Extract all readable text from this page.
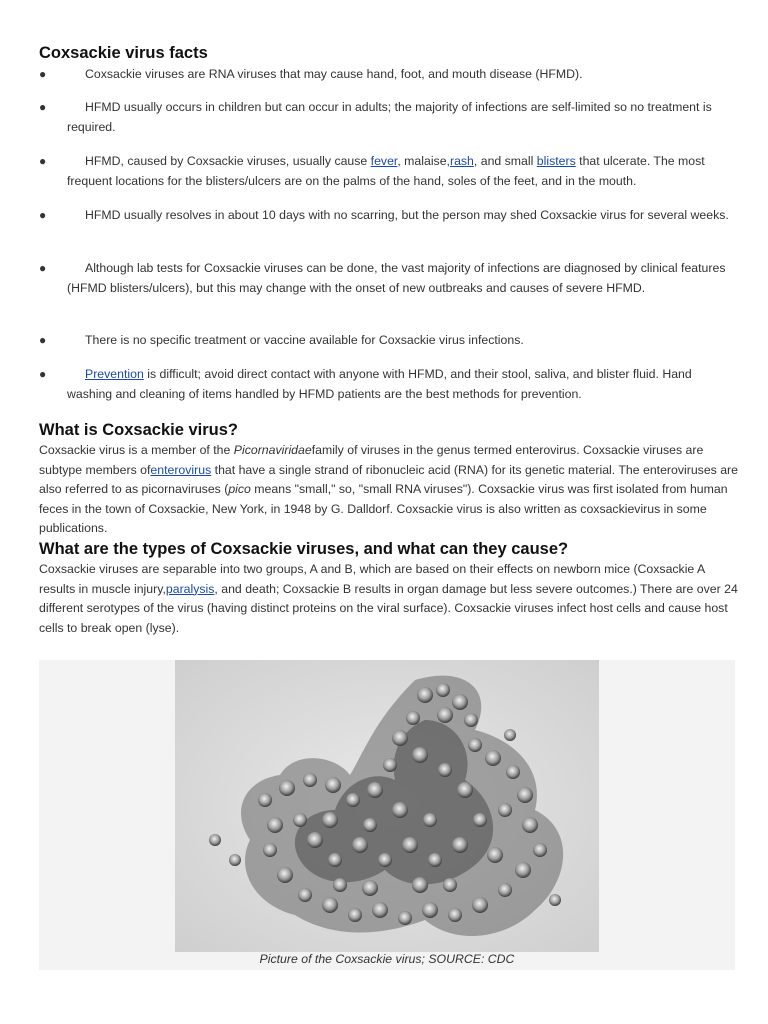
Coxsackie virus facts
●	Coxsackie viruses are RNA viruses that may cause hand, foot, and mouth disease (HFMD).
●	HFMD usually occurs in children but can occur in adults; the majority of infections are self-limited so no treatment is required.
●	HFMD, caused by Coxsackie viruses, usually cause fever, malaise,rash, and small blisters that ulcerate. The most frequent locations for the blisters/ulcers are on the palms of the hand, soles of the feet, and in the mouth.
●	HFMD usually resolves in about 10 days with no scarring, but the person may shed Coxsackie virus for several weeks.
●	Although lab tests for Coxsackie viruses can be done, the vast majority of infections are diagnosed by clinical features (HFMD blisters/ulcers), but this may change with the onset of new outbreaks and causes of severe HFMD.
●	There is no specific treatment or vaccine available for Coxsackie virus infections.
●	Prevention is difficult; avoid direct contact with anyone with HFMD, and their stool, saliva, and blister fluid. Hand washing and cleaning of items handled by HFMD patients are the best methods for prevention.
What is Coxsackie virus?

Coxsackie virus is a member of the Picornaviridaefamily of viruses in the genus termed enterovirus. Coxsackie viruses are subtype members ofenterovirus that have a single strand of ribonucleic acid (RNA) for its genetic material. The enteroviruses are also referred to as picornaviruses (pico means "small," so, "small RNA viruses"). Coxsackie virus was first isolated from human feces in the town of Coxsackie, New York, in 1948 by G. Dalldorf. Coxsackie virus is also written as coxsackievirus in some publications.

What are the types of Coxsackie viruses, and what can they cause?

Coxsackie viruses are separable into two groups, A and B, which are based on their effects on newborn mice (Coxsackie A results in muscle injury,paralysis, and death; Coxsackie B results in organ damage but less severe outcomes.) There are over 24 different serotypes of the virus (having distinct proteins on the viral surface). Coxsackie viruses infect host cells and cause host cells to break open (lyse).

Picture of the Coxsackie virus; SOURCE: CDC
